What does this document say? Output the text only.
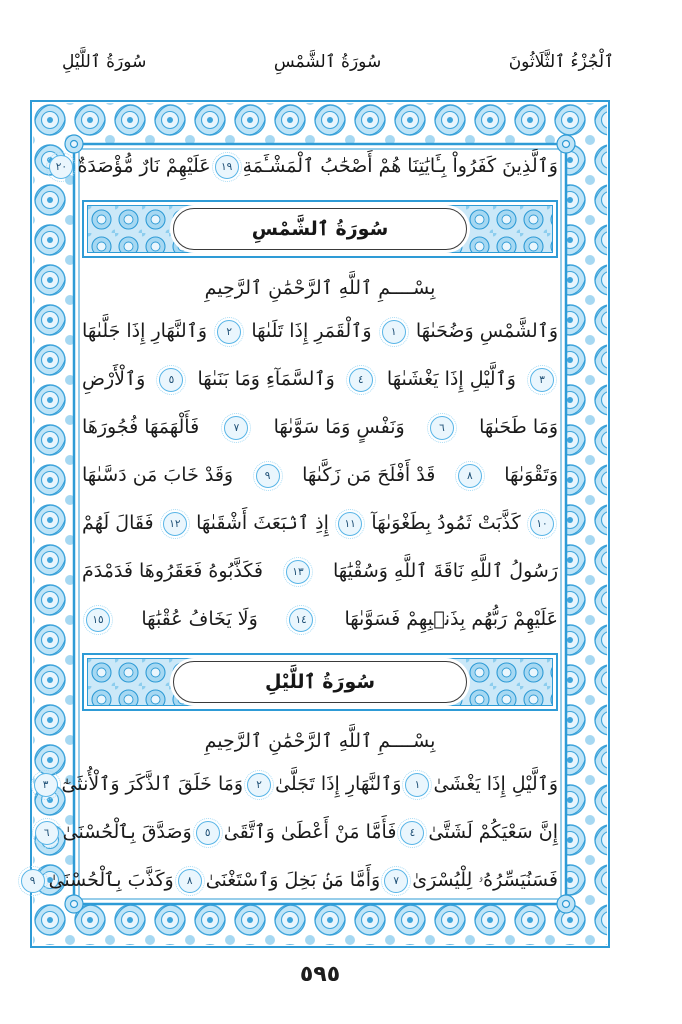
ٱلْجُزْءُ ٱلثَّلَاثُونَ
سُورَةُ ٱلشَّمْسِ
سُورَةُ ٱللَّيْلِ
وَٱلَّذِينَ كَفَرُواْ بِـَٔايَٰتِنَا هُمْ أَصْحَٰبُ ٱلْمَشْـَٔمَةِ
١٩
عَلَيْهِمْ نَارٌ مُّؤْصَدَةٌ
٢٠
سُورَةُ ٱلشَّمْسِ
بِسْــــمِ ٱللَّهِ ٱلرَّحْمَٰنِ ٱلرَّحِيمِ
وَٱلشَّمْسِ وَضُحَىٰهَا
١
وَٱلْقَمَرِ إِذَا تَلَىٰهَا
٢
وَٱلنَّهَارِ إِذَا جَلَّىٰهَا
٣
وَٱلَّيْلِ إِذَا يَغْشَىٰهَا
٤
وَٱلسَّمَآءِ وَمَا بَنَىٰهَا
٥
وَٱلْأَرْضِ
وَمَا طَحَىٰهَا
٦
وَنَفْسٍ وَمَا سَوَّىٰهَا
٧
فَأَلْهَمَهَا فُجُورَهَا
وَتَقْوَىٰهَا
٨
قَدْ أَفْلَحَ مَن زَكَّىٰهَا
٩
وَقَدْ خَابَ مَن دَسَّىٰهَا
١٠
كَذَّبَتْ ثَمُودُ بِطَغْوَىٰهَآ
١١
إِذِ ٱنۢبَعَثَ أَشْقَىٰهَا
١٢
فَقَالَ لَهُمْ
رَسُولُ ٱللَّهِ نَاقَةَ ٱللَّهِ وَسُقْيَٰهَا
١٣
فَكَذَّبُوهُ فَعَقَرُوهَا فَدَمْدَمَ
عَلَيْهِمْ رَبُّهُم بِذَنۢبِهِمْ فَسَوَّىٰهَا
١٤
وَلَا يَخَافُ عُقْبَٰهَا
١٥
سُورَةُ ٱللَّيْلِ
بِسْــــمِ ٱللَّهِ ٱلرَّحْمَٰنِ ٱلرَّحِيمِ
وَٱلَّيْلِ إِذَا يَغْشَىٰ
١
وَٱلنَّهَارِ إِذَا تَجَلَّىٰ
٢
وَمَا خَلَقَ ٱلذَّكَرَ وَٱلْأُنثَىٰٓ
٣
إِنَّ سَعْيَكُمْ لَشَتَّىٰ
٤
فَأَمَّا مَنْ أَعْطَىٰ وَٱتَّقَىٰ
٥
وَصَدَّقَ بِٱلْحُسْنَىٰ
٦
فَسَنُيَسِّرُهُۥ لِلْيُسْرَىٰ
٧
وَأَمَّا مَنۢ بَخِلَ وَٱسْتَغْنَىٰ
٨
وَكَذَّبَ بِٱلْحُسْنَىٰ
٩
٥٩٥
